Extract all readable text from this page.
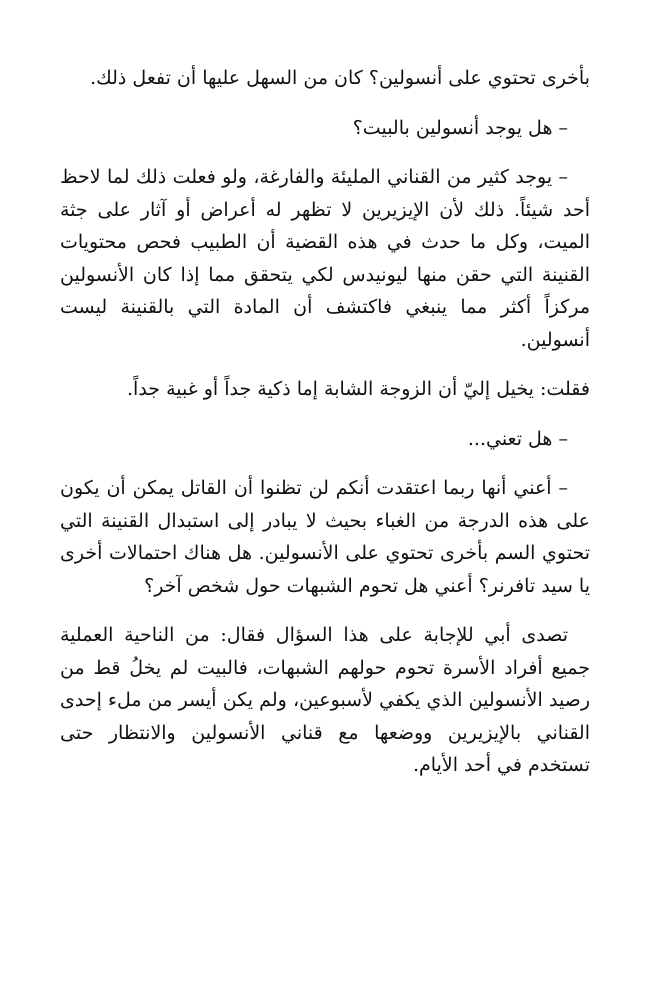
بأخرى تحتوي على أنسولين؟ كان من السهل عليها أن تفعل ذلك.

– هل يوجد أنسولين بالبيت؟

– يوجد كثير من القناني المليئة والفارغة، ولو فعلت ذلك لما لاحظ أحد شيئاً. ذلك لأن الإيزيرين لا تظهر له أعراض أو آثار على جثة الميت، وكل ما حدث في هذه القضية أن الطبيب فحص محتويات القنينة التي حقن منها ليونيدس لكي يتحقق مما إذا كان الأنسولين مركزاً أكثر مما ينبغي فاكتشف أن المادة التي بالقنينة ليست أنسولين.

فقلت: يخيل إليّ أن الزوجة الشابة إما ذكية جداً أو غبية جداً.

– هل تعني...

– أعني أنها ربما اعتقدت أنكم لن تظنوا أن القاتل يمكن أن يكون على هذه الدرجة من الغباء بحيث لا يبادر إلى استبدال القنينة التي تحتوي السم بأخرى تحتوي على الأنسولين. هل هناك احتمالات أخرى يا سيد تافرنر؟ أعني هل تحوم الشبهات حول شخص آخر؟

تصدى أبي للإجابة على هذا السؤال فقال: من الناحية العملية جميع أفراد الأسرة تحوم حولهم الشبهات، فالبيت لم يخلُ قط من رصيد الأنسولين الذي يكفي لأسبوعين، ولم يكن أيسر من ملء إحدى القناني بالإيزيرين ووضعها مع قناني الأنسولين والانتظار حتى تستخدم في أحد الأيام.
